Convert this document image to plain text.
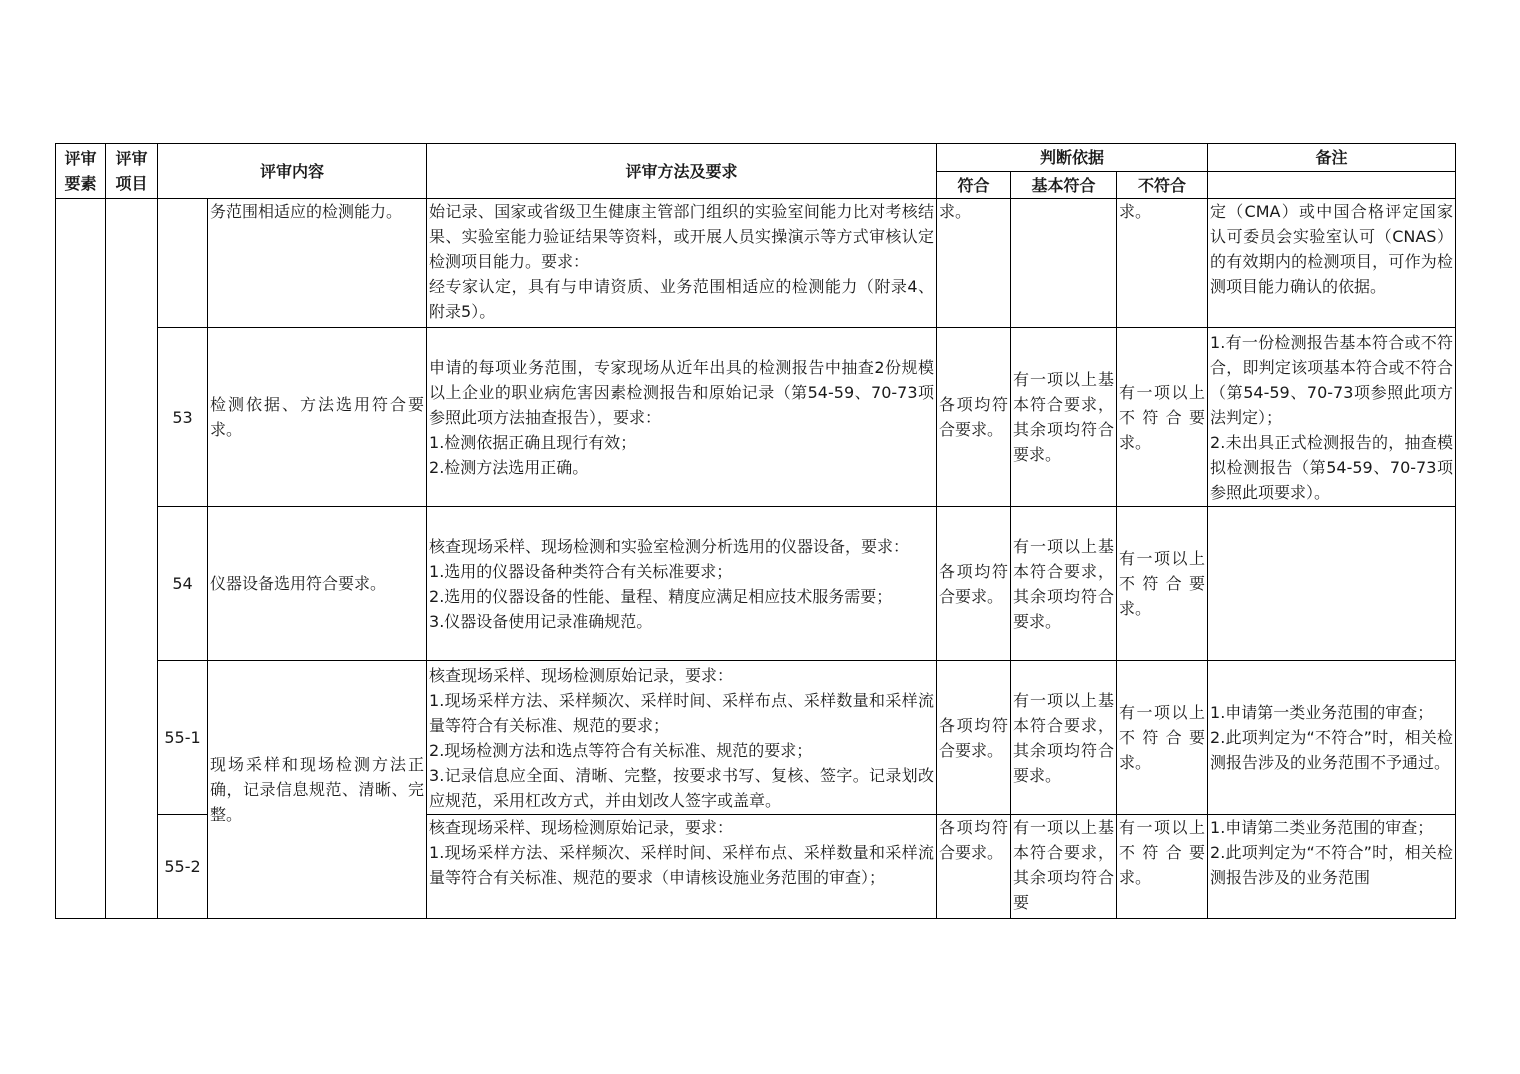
评审
要素	评审
项目	评审内容		评审方法及要求	判断依据			备注
					符合	基本符合	不符合	
			务范围相适应的检测能力。	始记录、国家或省级卫生健康主管部门组织的实验室间能力比对考核结果、实验室能力验证结果等资料，或开展人员实操演示等方式审核认定检测项目能力。要求：
经专家认定，具有与申请资质、业务范围相适应的检测能力（附录4、附录5）。	求。		求。	定（CMA）或中国合格评定国家认可委员会实验室认可（CNAS）的有效期内的检测项目，可作为检测项目能力确认的依据。
		53	检测依据、方法选用符合要求。	申请的每项业务范围，专家现场从近年出具的检测报告中抽查2份规模以上企业的职业病危害因素检测报告和原始记录（第54-59、70-73项参照此项方法抽查报告），要求：
1.检测依据正确且现行有效；
2.检测方法选用正确。	各项均符合要求。	有一项以上基本符合要求，其余项均符合要求。	有一项以上不符合要求。	1.有一份检测报告基本符合或不符合，即判定该项基本符合或不符合（第54-59、70-73项参照此项方法判定）；
2.未出具正式检测报告的，抽查模拟检测报告（第54-59、70-73项参照此项要求）。
		54	仪器设备选用符合要求。	核查现场采样、现场检测和实验室检测分析选用的仪器设备，要求：
1.选用的仪器设备种类符合有关标准要求；
2.选用的仪器设备的性能、量程、精度应满足相应技术服务需要；
3.仪器设备使用记录准确规范。	各项均符合要求。	有一项以上基本符合要求，其余项均符合要求。	有一项以上不符合要求。	
		55-1	现场采样和现场检测方法正确，记录信息规范、清晰、完整。	核查现场采样、现场检测原始记录，要求：
1.现场采样方法、采样频次、采样时间、采样布点、采样数量和采样流量等符合有关标准、规范的要求；
2.现场检测方法和选点等符合有关标准、规范的要求；
3.记录信息应全面、清晰、完整，按要求书写、复核、签字。记录划改应规范，采用杠改方式，并由划改人签字或盖章。	各项均符合要求。	有一项以上基本符合要求，其余项均符合要求。	有一项以上不符合要求。	1.申请第一类业务范围的审查；
2.此项判定为“不符合”时，相关检测报告涉及的业务范围不予通过。
		55-2		核查现场采样、现场检测原始记录，要求：
1.现场采样方法、采样频次、采样时间、采样布点、采样数量和采样流量等符合有关标准、规范的要求（申请核设施业务范围的审查）；	各项均符合要求。	有一项以上基本符合要求，其余项均符合要	有一项以上不符合要求。	1.申请第二类业务范围的审查；
2.此项判定为“不符合”时，相关检测报告涉及的业务范围
